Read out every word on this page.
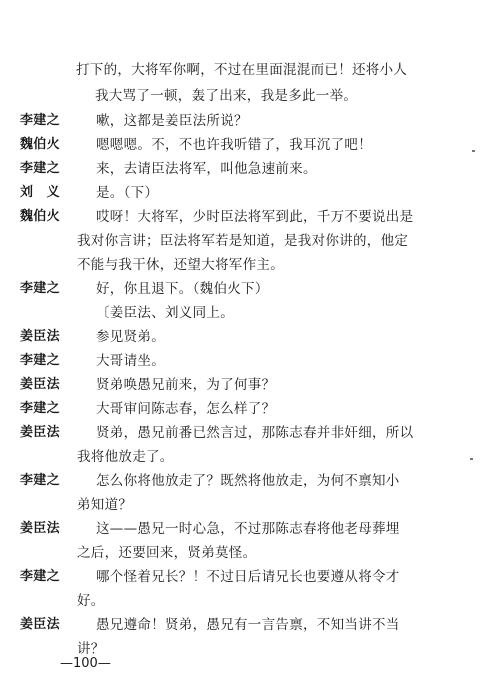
打下的，大将军你啊，不过在里面混混而已！还将小人
我大骂了一顿，轰了出来，我是多此一举。
李建之	嗽，这都是姜臣法所说？
魏伯火	嗯嗯嗯。不，不也许我听错了，我耳沉了吧！
李建之	来，去请臣法将军，叫他急速前来。
刘　义	是。（下）
魏伯火	哎呀！大将军，少时臣法将军到此，千万不要说出是
我对你言讲；臣法将军若是知道，是我对你讲的，他定
不能与我干休，还望大将军作主。
李建之	好，你且退下。（魏伯火下）
〔姜臣法、刘义同上。
姜臣法	参见贤弟。
李建之	大哥请坐。
姜臣法	贤弟唤愚兄前来，为了何事？
李建之	大哥审问陈志春，怎么样了？
姜臣法	贤弟，愚兄前番已然言过，那陈志春并非奸细，所以
我将他放走了。
李建之	怎么你将他放走了？既然将他放走，为何不禀知小
弟知道？
姜臣法	这——愚兄一时心急，不过那陈志春将他老母葬埋
之后，还要回来，贤弟莫怪。
李建之	哪个怪着兄长？！不过日后请兄长也要遵从将令才
好。
姜臣法	愚兄遵命！贤弟，愚兄有一言告禀，不知当讲不当
讲？
—100—
